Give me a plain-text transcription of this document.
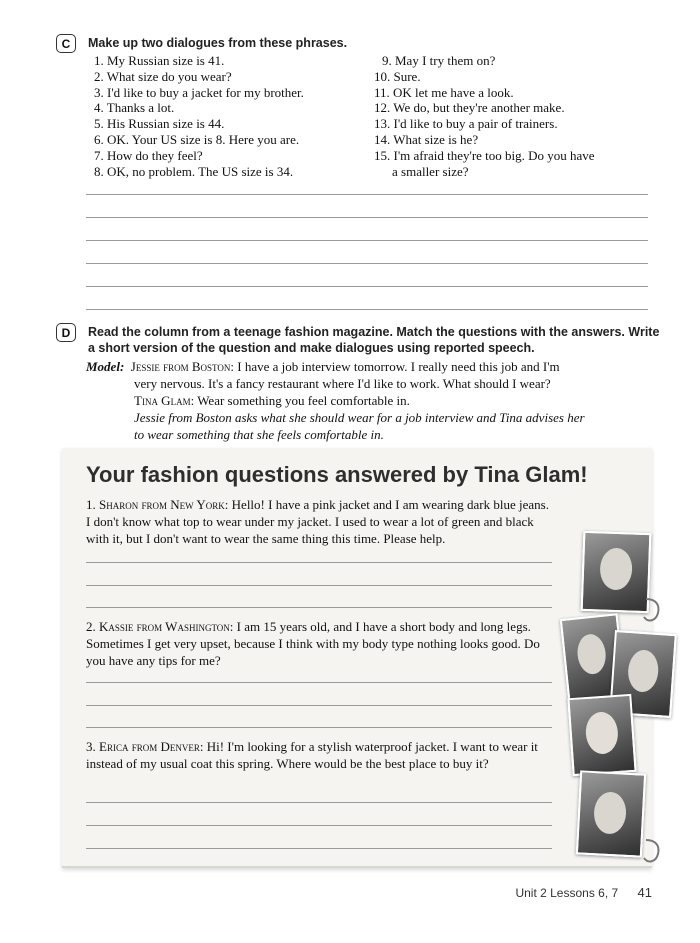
C	Make up two dialogues from these phrases.
1. My Russian size is 41.
2. What size do you wear?
3. I'd like to buy a jacket for my brother.
4. Thanks a lot.
5. His Russian size is 44.
6. OK. Your US size is 8. Here you are.
7. How do they feel?
8. OK, no problem. The US size is 34.
9. May I try them on?
10. Sure.
11. OK let me have a look.
12. We do, but they're another make.
13. I'd like to buy a pair of trainers.
14. What size is he?
15. I'm afraid they're too big. Do you have
a smaller size?
D	Read the column from a teenage fashion magazine. Match the questions with the answers. Write
a short version of the question and make dialogues using reported speech.
Model: Jessie from Boston: I have a job interview tomorrow. I really need this job and I'm
very nervous. It's a fancy restaurant where I'd like to work. What should I wear?
Tina Glam: Wear something you feel comfortable in.
Jessie from Boston asks what she should wear for a job interview and Tina advises her
to wear something that she feels comfortable in.
Your fashion questions answered by Tina Glam!
1. Sharon from New York: Hello! I have a pink jacket and I am wearing dark blue jeans. I don't know what top to wear under my jacket. I used to wear a lot of green and black with it, but I don't want to wear the same thing this time. Please help.
2. Kassie from Washington: I am 15 years old, and I have a short body and long legs. Sometimes I get very upset, because I think with my body type nothing looks good. Do you have any tips for me?
3. Erica from Denver: Hi! I'm looking for a stylish waterproof jacket. I want to wear it instead of my usual coat this spring. Where would be the best place to buy it?
Unit 2 Lessons 6, 7 41
